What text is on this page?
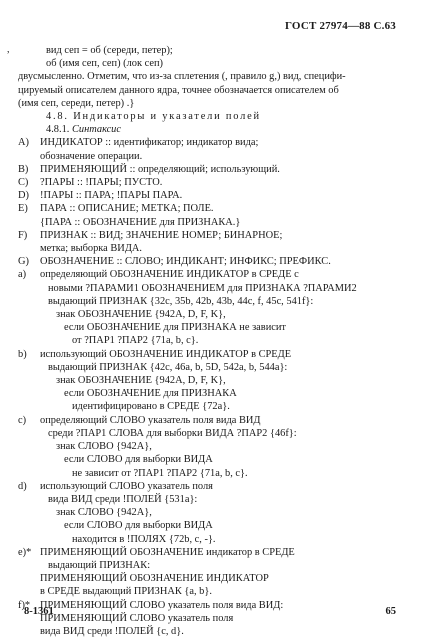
ГОСТ 27974—88 С.63
,	вид сеп = об (середи, петер);
об (имя сеп, сеп) (лок сеп)
двусмысленно. Отметим, что из-за сплетения (, правило g,) вид, специфи-
цируемый описателем данного ядра, точнее обозначается описателем об
(имя сеп, середи, петер) .}
4.8. Индикаторы и указатели полей
4.8.1. Синтаксис
A)	ИНДИКАТОР :: идентификатор; индикатор вида;
обозначение операции.
B)	ПРИМЕНЯЮЩИЙ :: определяющий; использующий.
C)	?ПАРЫ :: !ПАРЫ; ПУСТО.
D)	!ПАРЫ :: ПАРА; !ПАРЫ ПАРА.
E)	ПАРА :: ОПИСАНИЕ; МЕТКА; ПОЛЕ.
{ПАРА :: ОБОЗНАЧЕНИЕ для ПРИЗНАКА.}
F)	ПРИЗНАК :: ВИД; ЗНАЧЕНИЕ НОМЕР; БИНАРНОЕ;
метка; выборка ВИДА.
G)	ОБОЗНАЧЕНИЕ :: СЛОВО; ИНДИКАНТ; ИНФИКС; ПРЕФИКС.
a)	определяющий ОБОЗНАЧЕНИЕ ИНДИКАТОР в СРЕДЕ с
новыми ?ПАРАМИ1 ОБОЗНАЧЕНИЕМ для ПРИЗНАКА ?ПАРАМИ2
выдающий ПРИЗНАК {32c, 35b, 42b, 43b, 44c, f, 45c, 541f}:
знак ОБОЗНАЧЕНИЕ {942A, D, F, K},
если ОБОЗНАЧЕНИЕ для ПРИЗНАКА не зависит
от ?ПАР1 ?ПАР2 {71a, b, c}.
b)	использующий ОБОЗНАЧЕНИЕ ИНДИКАТОР в СРЕДЕ
выдающий ПРИЗНАК {42c, 46a, b, 5D, 542a, b, 544a}:
знак ОБОЗНАЧЕНИЕ {942A, D, F, K},
если ОБОЗНАЧЕНИЕ для ПРИЗНАКА
идентифицировано в СРЕДЕ {72a}.
c)	определяющий СЛОВО указатель поля вида ВИД
среди ?ПАР1 СЛОВА для выборки ВИДА ?ПАР2 {46f}:
знак СЛОВО {942A},
если СЛОВО для выборки ВИДА
не зависит от ?ПАР1 ?ПАР2 {71a, b, c}.
d)	использующий СЛОВО указатель поля
вида ВИД среди !ПОЛЕЙ {531a}:
знак СЛОВО {942A},
если СЛОВО для выборки ВИДА
находится в !ПОЛЯХ {72b, c, -}.
e)* ПРИМЕНЯЮЩИЙ ОБОЗНАЧЕНИЕ индикатор в СРЕДЕ
выдающий ПРИЗНАК:
ПРИМЕНЯЮЩИЙ ОБОЗНАЧЕНИЕ ИНДИКАТОР
в СРЕДЕ выдающий ПРИЗНАК {a, b}.
f)* ПРИМЕНЯЮЩИЙ СЛОВО указатель поля вида ВИД:
ПРИМЕНЯЮЩИЙ СЛОВО указатель поля
вида ВИД среди !ПОЛЕЙ {c, d}.
8-1361	65
